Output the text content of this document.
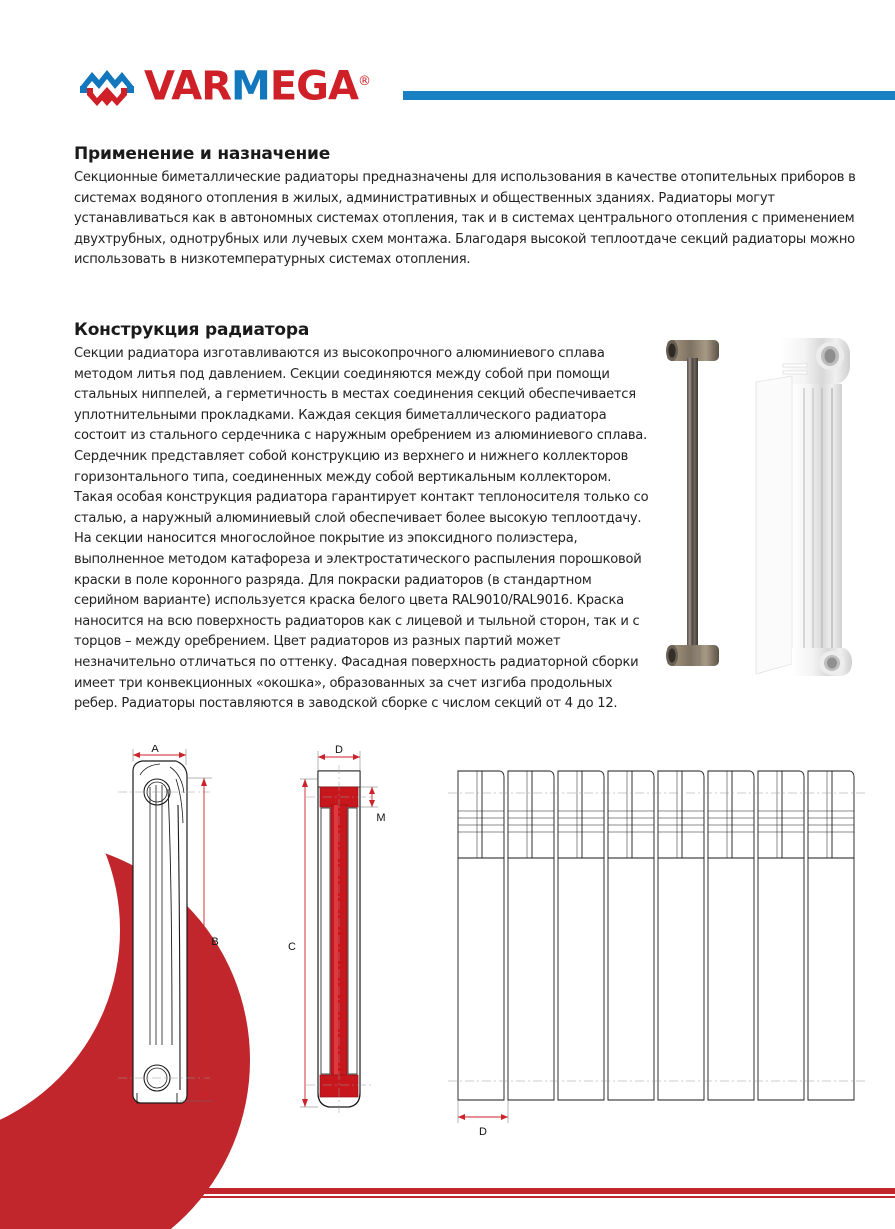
VARMEGA®
Применение и назначение

Секционные биметаллические радиаторы предназначены для использования в качестве отопительных приборов в системах водяного отопления в жилых, административных и общественных зданиях. Радиаторы могут устанавливаться как в автономных системах отопления, так и в системах центрального отопления с применением двухтрубных, однотрубных или лучевых схем монтажа. Благодаря высокой теплоотдаче секций радиаторы можно использовать в низкотемпературных системах отопления.

Конструкция радиатора

Секции радиатора изготавливаются из высокопрочного алюминиевого сплава методом литья под давлением. Секции соединяются между собой при помощи стальных ниппелей, а герметичность в местах соединения секций обеспечивается уплотнительными прокладками. Каждая секция биметаллического радиатора состоит из стального сердечника с наружным оребрением из алюминиевого сплава. Сердечник представляет собой конструкцию из верхнего и нижнего коллекторов горизонтального типа, соединенных между собой вертикальным коллектором. Такая особая конструкция радиатора гарантирует контакт теплоносителя только со сталью, а наружный алюминиевый слой обеспечивает более высокую теплоотдачу. На секции наносится многослойное покрытие из эпоксидного полиэстера, выполненное методом катафореза и электростатического распыления порошковой краски в поле коронного разряда. Для покраски радиаторов (в стандартном серийном варианте) используется краска белого цвета RAL9010/RAL9016. Краска наносится на всю поверхность радиаторов как с лицевой и тыльной сторон, так и с торцов – между оребрением. Цвет радиаторов из разных партий может незначительно отличаться по оттенку. Фасадная поверхность радиаторной сборки имеет три конвекционных «окошка», образованных за счет изгиба продольных ребер. Радиаторы поставляются в заводской сборке с числом секций от 4 до 12.

A
B
D
M
C
D
